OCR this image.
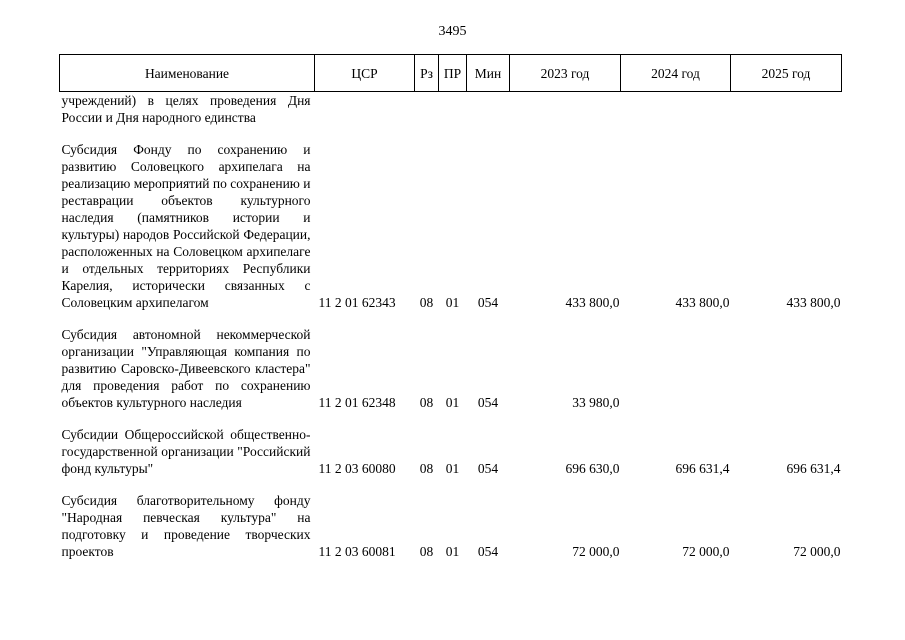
3495
Наименование	ЦСР	Рз	ПР	Мин	2023 год	2024 год	2025 год
учреждений) в целях проведения Дня России и Дня народного единства							

Субсидия Фонду по сохранению и развитию Соловецкого архипелага на реализацию мероприятий по сохранению и реставрации объектов культурного наследия (памятников истории и культуры) народов Российской Федерации, расположенных на Соловецком архипелаге и отдельных территориях Республики Карелия, исторически связанных с Соловецким архипелагом	11 2 01 62343	08	01	054	433 800,0	433 800,0	433 800,0

Субсидия автономной некоммерческой организации "Управляющая компания по развитию Саровско-Дивеевского кластера" для проведения работ по сохранению объектов культурного наследия	11 2 01 62348	08	01	054	33 980,0		

Субсидии Общероссийской общественно-государственной организации "Российский фонд культуры"	11 2 03 60080	08	01	054	696 630,0	696 631,4	696 631,4

Субсидия благотворительному фонду "Народная певческая культура" на подготовку и проведение творческих проектов	11 2 03 60081	08	01	054	72 000,0	72 000,0	72 000,0
